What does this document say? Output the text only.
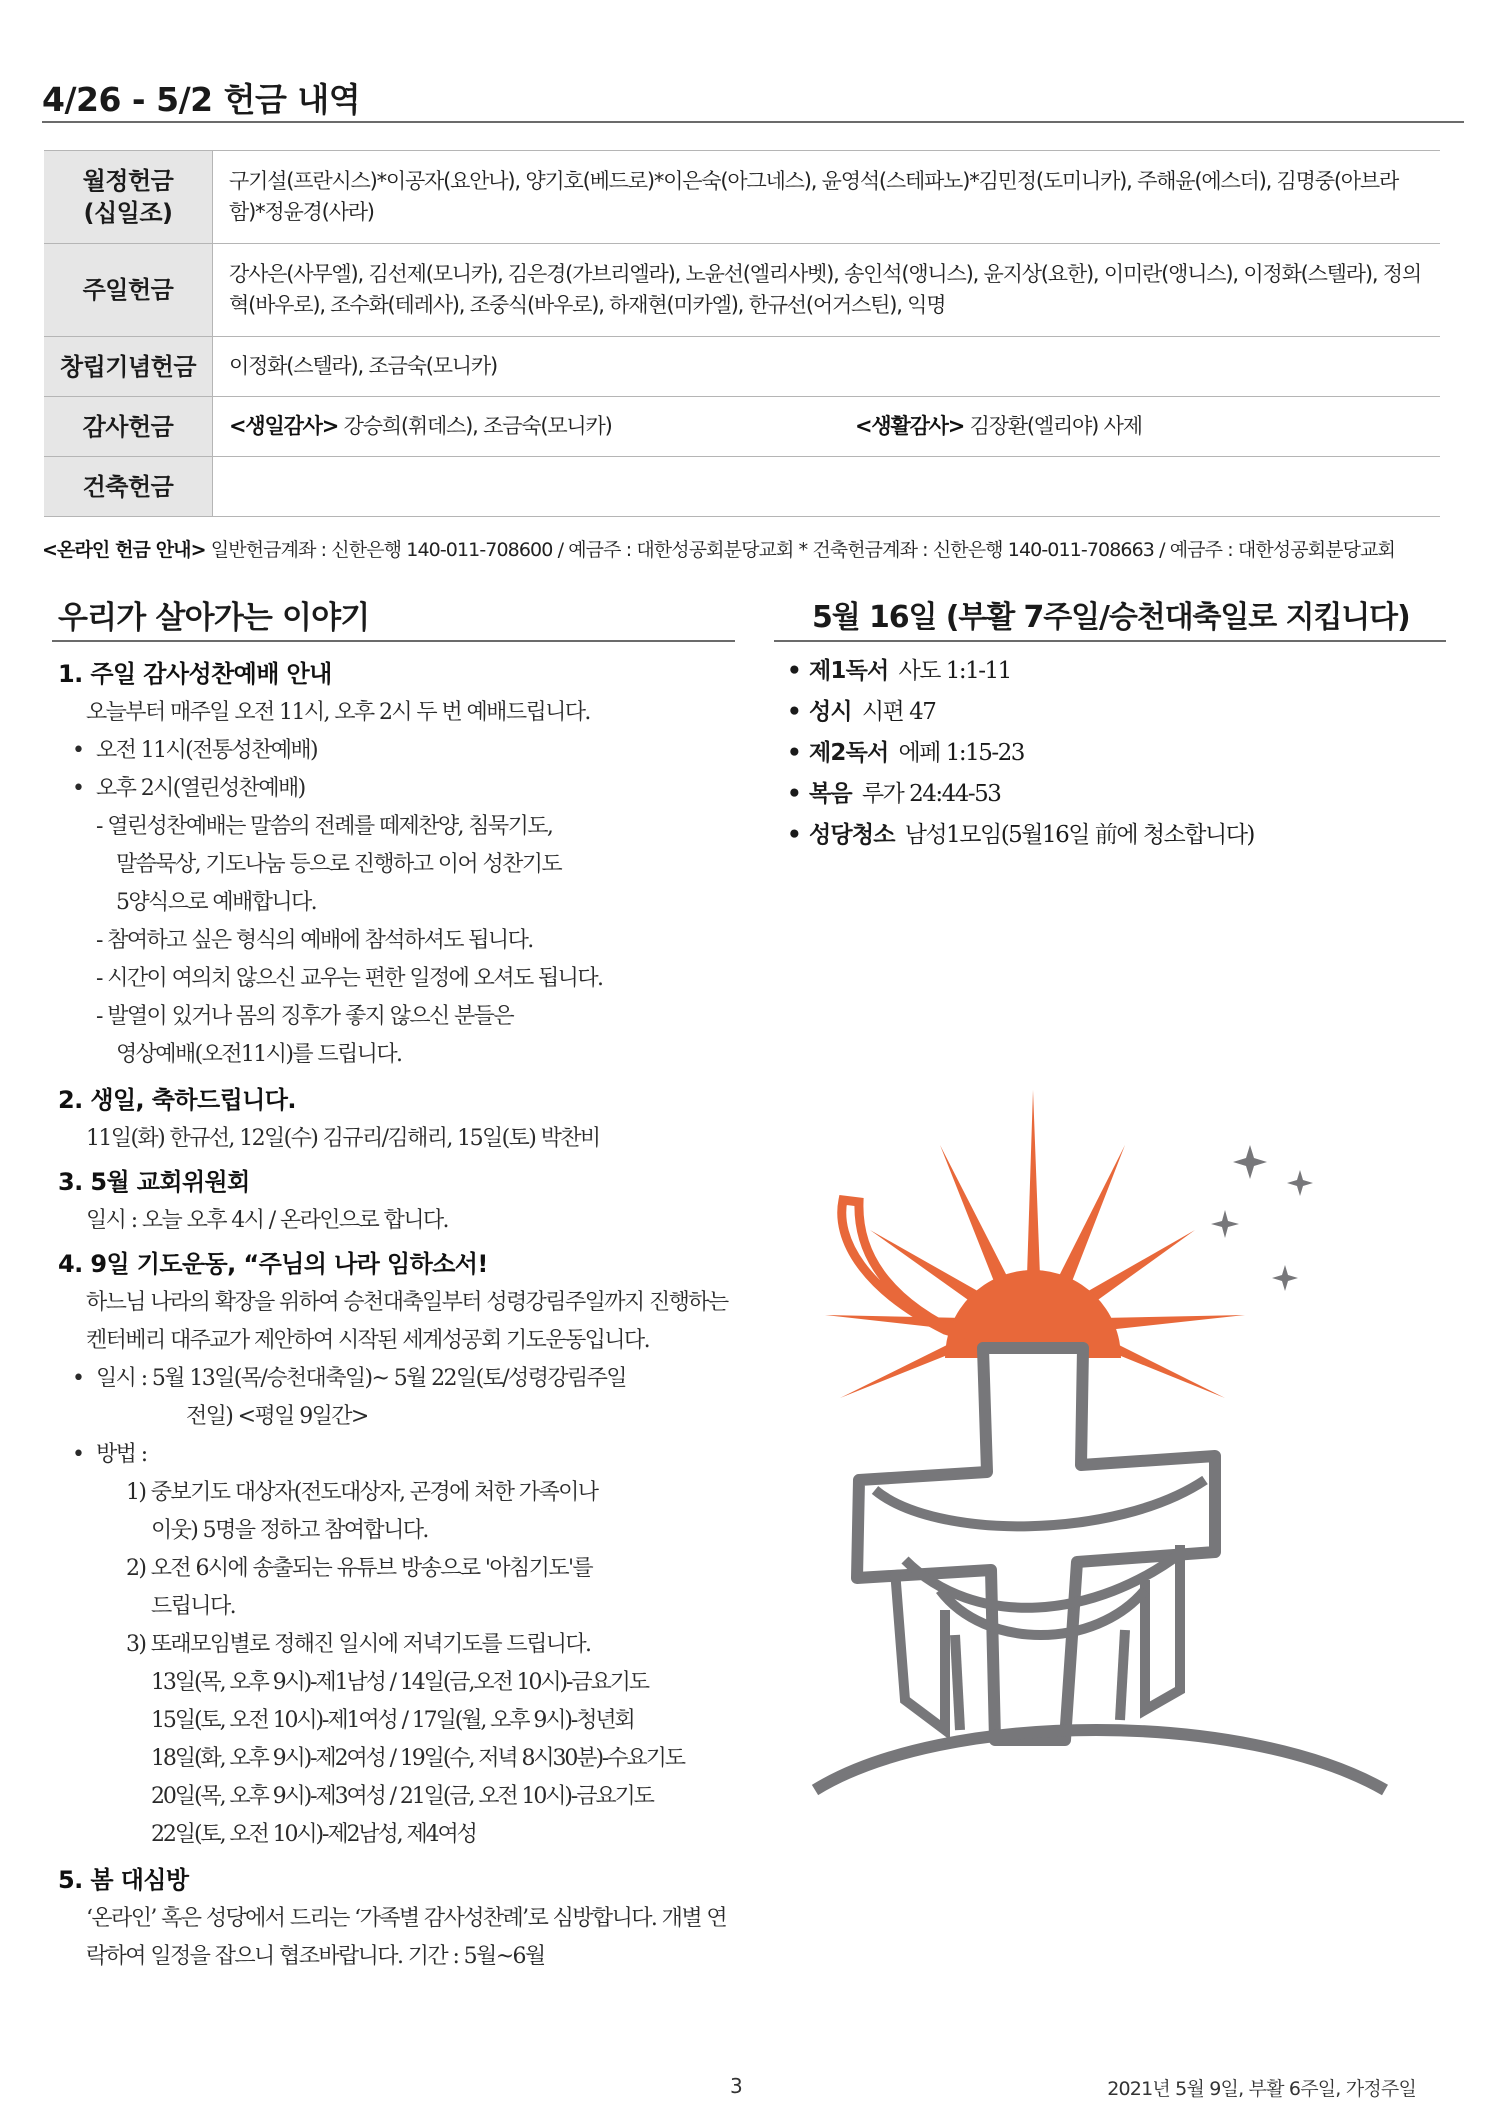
4/26 - 5/2 헌금 내역
월정헌금
(십일조)	구기설(프란시스)*이공자(요안나), 양기호(베드로)*이은숙(아그네스), 윤영석(스테파노)*김민정(도미니카), 주해윤(에스더), 김명중(아브라함)*정윤경(사라)
주일헌금	강사은(사무엘), 김선제(모니카), 김은경(가브리엘라), 노윤선(엘리사벳), 송인석(앵니스), 윤지상(요한), 이미란(앵니스), 이정화(스텔라), 정의혁(바우로), 조수화(테레사), 조중식(바우로), 하재현(미카엘), 한규선(어거스틴), 익명
창립기념헌금	이정화(스텔라), 조금숙(모니카)
감사헌금	<생일감사> 강승희(휘데스), 조금숙(모니카) <생활감사> 김장환(엘리야) 사제

건축헌금	
<온라인 헌금 안내> 일반헌금계좌 : 신한은행 140-011-708600 / 예금주 : 대한성공회분당교회 * 건축헌금계좌 : 신한은행 140-011-708663 / 예금주 : 대한성공회분당교회
우리가 살아가는 이야기
1. 주일 감사성찬예배 안내
오늘부터 매주일 오전 11시, 오후 2시 두 번 예배드립니다.
• 오전 11시(전통성찬예배)
• 오후 2시(열린성찬예배)
- 열린성찬예배는 말씀의 전례를 떼제찬양, 침묵기도,
말씀묵상, 기도나눔 등으로 진행하고 이어 성찬기도
5양식으로 예배합니다.
- 참여하고 싶은 형식의 예배에 참석하셔도 됩니다.
- 시간이 여의치 않으신 교우는 편한 일정에 오셔도 됩니다.
- 발열이 있거나 몸의 징후가 좋지 않으신 분들은
영상예배(오전11시)를 드립니다.
2. 생일, 축하드립니다.
11일(화) 한규선, 12일(수) 김규리/김해리, 15일(토) 박찬비
3. 5월 교회위원회
일시 : 오늘 오후 4시 / 온라인으로 합니다.
4. 9일 기도운동, “주님의 나라 임하소서!
하느님 나라의 확장을 위하여 승천대축일부터 성령강림주일까지 진행하는 켄터베리 대주교가 제안하여 시작된 세계성공회 기도운동입니다.
• 일시 : 5월 13일(목/승천대축일)~ 5월 22일(토/성령강림주일
전일) <평일 9일간>
• 방법 :
1) 중보기도 대상자(전도대상자, 곤경에 처한 가족이나
이웃) 5명을 정하고 참여합니다.
2) 오전 6시에 송출되는 유튜브 방송으로 '아침기도'를
드립니다.
3) 또래모임별로 정해진 일시에 저녁기도를 드립니다.
13일(목, 오후 9시)-제1남성 / 14일(금,오전 10시)-금요기도
15일(토, 오전 10시)-제1여성 / 17일(월, 오후 9시)-청년회
18일(화, 오후 9시)-제2여성 / 19일(수, 저녁 8시30분)-수요기도
20일(목, 오후 9시)-제3여성 / 21일(금, 오전 10시)-금요기도
22일(토, 오전 10시)-제2남성, 제4여성
5. 봄 대심방
‘온라인’ 혹은 성당에서 드리는 ‘가족별 감사성찬례’로 심방합니다. 개별 연락하여 일정을 잡으니 협조바랍니다. 기간 : 5월~6월
5월 16일 (부활 7주일/승천대축일로 지킵니다)
• 제1독서 사도 1:1-11
• 성시 시편 47
• 제2독서 에페 1:15-23
• 복음 루가 24:44-53
• 성당청소 남성1모임(5월16일 前에 청소합니다)
3	2021년 5월 9일, 부활 6주일, 가정주일
